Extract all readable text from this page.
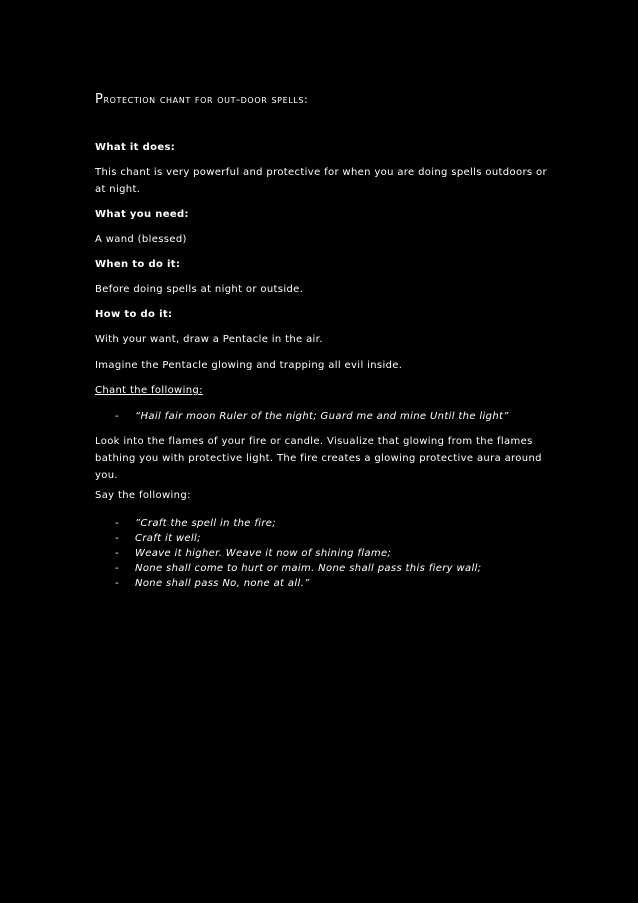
Protection chant for out-door spells:

What it does:

This chant is very powerful and protective for when you are doing spells outdoors or at night.

What you need:

A wand (blessed)

When to do it:

Before doing spells at night or outside.

How to do it:

With your want, draw a Pentacle in the air.

Imagine the Pentacle glowing and trapping all evil inside.

Chant the following:

- “Hail fair moon Ruler of the night; Guard me and mine Until the light”

Look into the flames of your fire or candle. Visualize that glowing from the flames bathing you with protective light. The fire creates a glowing protective aura around you.

Say the following:

- ”Craft the spell in the fire;
- Craft it well;
- Weave it higher. Weave it now of shining flame;
- None shall come to hurt or maim. None shall pass this fiery wall;
- None shall pass No, none at all.”
